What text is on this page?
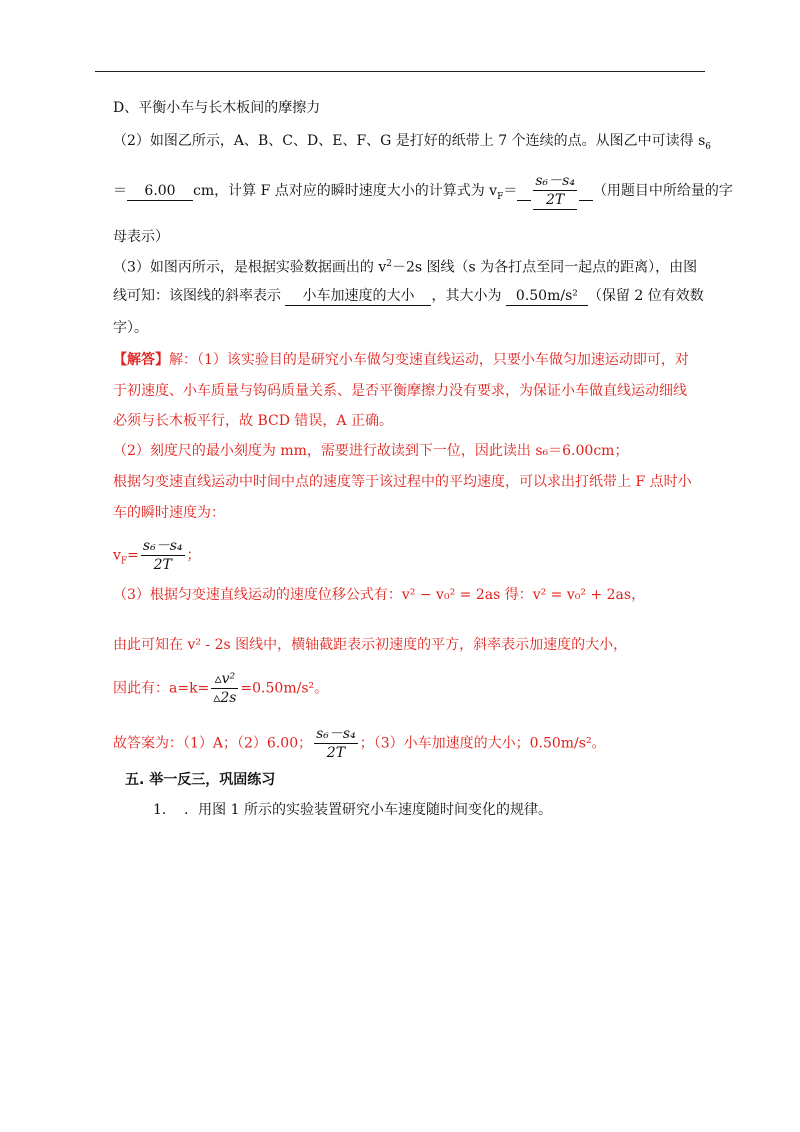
D、平衡小车与长木板间的摩擦力
（2）如图乙所示，A、B、C、D、E、F、G 是打好的纸带上 7 个连续的点。从图乙中可读得 $s_6$
＝ 6.00 cm，计算 F 点对应的瞬时速度大小的计算式为 $v_F= \frac{\text{s₆－s₄}}{2T}$ （用题目中所给量的字
母表示）
（3）如图丙所示，是根据实验数据画出的 $v^2-2s$ 图线（s 为各打点至同一起点的距离），由图
线可知：该图线的斜率表示 小车加速度的大小 ，其大小为 0.50m/s² （保留 2 位有效数
字）。
【解答】解：（1）该实验目的是研究小车做匀变速直线运动，只要小车做匀加速运动即可，对
于初速度、小车质量与钩码质量关系、是否平衡摩擦力没有要求，为保证小车做直线运动细线
必须与长木板平行，故 BCD 错误，A 正确。
（2）刻度尺的最小刻度为 mm，需要进行故读到下一位，因此读出 s₆＝6.00cm；
根据匀变速直线运动中时间中点的速度等于该过程中的平均速度，可以求出打纸带上 F 点时小
车的瞬时速度为：
$v_F= \frac{\text{s₆－s₄}}{2T}$ ；
（3）根据匀变速直线运动的速度位移公式有：v² − v₀² = 2as 得：v² = v₀² + 2as，
由此可知在 v² - 2s 图线中，横轴截距表示初速度的平方，斜率表示加速度的大小，
因此有：$a=k= \frac{\text{▵v²}}{▵2s} =0.50m/s^2$。
故答案为：（1）A；（2）6.00； $\frac{\text{s₆－s₄}}{2T}$ ；（3）小车加速度的大小；0.50m/s²。
五. 举一反三，巩固练习
1. ．用图 1 所示的实验装置研究小车速度随时间变化的规律。
